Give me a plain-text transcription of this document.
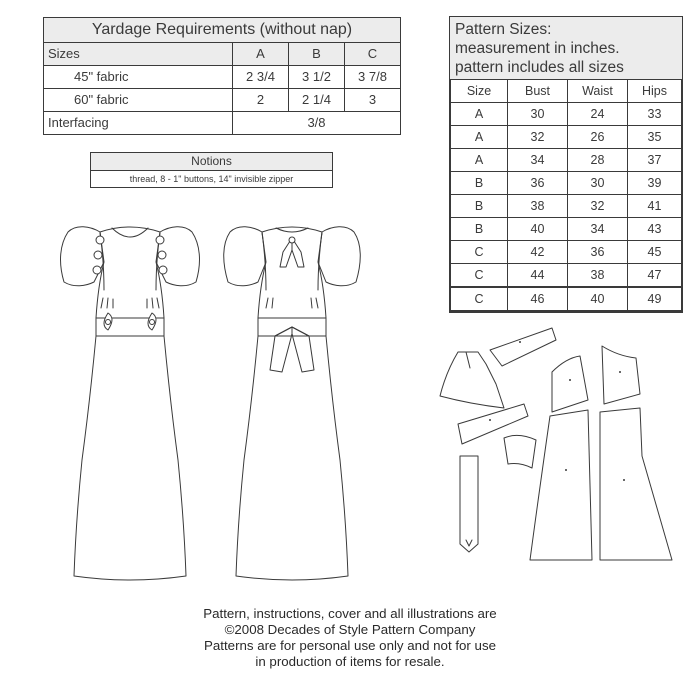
Yardage Requirements (without nap)			
Sizes	A	B	C
45" fabric	2 3/4	3 1/2	3 7/8
60" fabric	2	2 1/4	3
Interfacing	3/8		
Notions
thread, 8 - 1" buttons, 14" invisible zipper
Pattern Sizes:
measurement in inches.
pattern includes all sizes
Size	Bust	Waist	Hips
A	30	24	33
A	32	26	35
A	34	28	37
B	36	30	39
B	38	32	41
B	40	34	43
C	42	36	45
C	44	38	47
C	46	40	49
Pattern, instructions, cover and all illustrations are
©2008 Decades of Style Pattern Company
Patterns are for personal use only and not for use
in production of items for resale.
